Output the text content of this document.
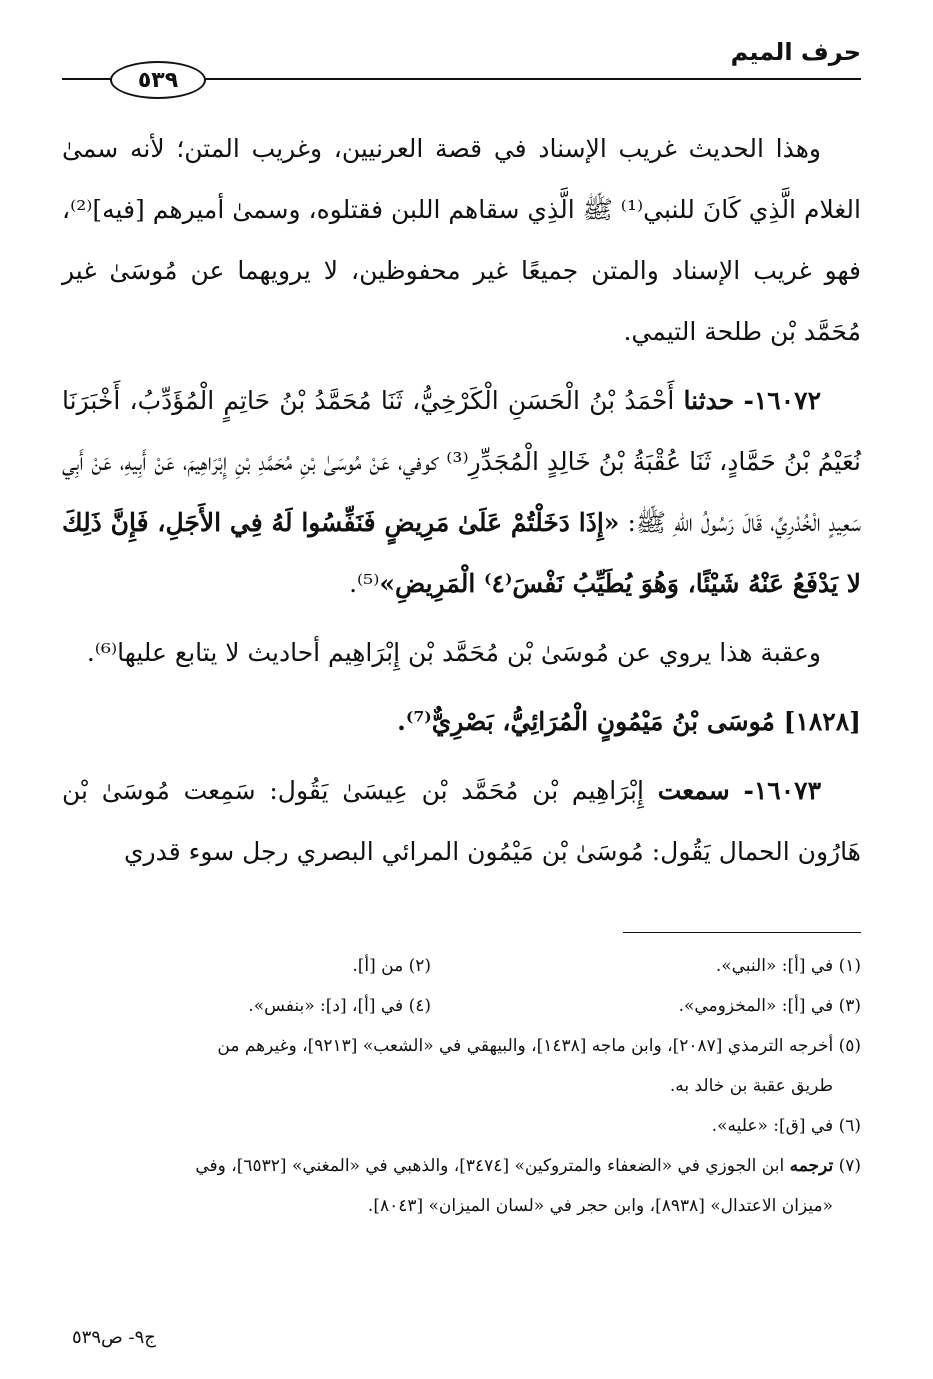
حرف الميم
٥٣٩

وهذا الحديث غريب الإسناد في قصة العرنيين، وغريب المتن؛ لأنه سمىٰ الغلام الَّذِي كَانَ للنبي⁽¹⁾ ﷺ الَّذِي سقاهم اللبن فقتلوه، وسمىٰ أميرهم [فيه]⁽²⁾، فهو غريب الإسناد والمتن جميعًا غير محفوظين، لا يرويهما عن مُوسَىٰ غير مُحَمَّد بْن طلحة التيمي.

١٦٠٧٢- حدثنا أَحْمَدُ بْنُ الْحَسَنِ الْكَرْخِيُّ، ثَنَا مُحَمَّدُ بْنُ حَاتِمٍ الْمُؤَدِّبُ، أَخْبَرَنَا نُعَيْمُ بْنُ حَمَّادٍ، ثَنَا عُقْبَةُ بْنُ خَالِدٍ الْمُجَدِّرِ⁽³⁾ كوفي، عَنْ مُوسَىٰ بْنِ مُحَمَّدِ بْنِ إِبْرَاهِيمَ، عَنْ أَبِيهِ، عَنْ أَبِي سَعِيدٍ الْخُدْرِيِّ، قَالَ رَسُولُ اللهِ ﷺ: «إِذَا دَخَلْتُمْ عَلَىٰ مَرِيضٍ فَنَفِّسُوا لَهُ فِي الأَجَلِ، فَإِنَّ ذَلِكَ لا يَدْفَعُ عَنْهُ شَيْئًا، وَهُوَ يُطَيِّبُ نَفْسَ⁽٤⁾ الْمَرِيضِ»⁽⁵⁾.

وعقبة هذا يروي عن مُوسَىٰ بْن مُحَمَّد بْن إِبْرَاهِيم أحاديث لا يتابع عليها⁽⁶⁾.

[١٨٢٨] مُوسَى بْنُ مَيْمُونٍ الْمُرَائِيُّ، بَصْرِيٌّ⁽⁷⁾.

١٦٠٧٣- سمعت إِبْرَاهِيم بْن مُحَمَّد بْن عِيسَىٰ يَقُول: سَمِعت مُوسَىٰ بْن هَارُون الحمال يَقُول: مُوسَىٰ بْن مَيْمُون المرائي البصري رجل سوء قدري

(١) في [أ]: «النبي».
(٢) من [أ].
(٣) في [أ]: «المخزومي».
(٤) في [أ]، [د]: «بنفس».
(٥) أخرجه الترمذي [٢٠٨٧]، وابن ماجه [١٤٣٨]، والبيهقي في «الشعب» [٩٢١٣]، وغيرهم من
طريق عقبة بن خالد به.
(٦) في [ق]: «عليه».
(٧) ترجمه ابن الجوزي في «الضعفاء والمتروكين» [٣٤٧٤]، والذهبي في «المغني» [٦٥٣٢]، وفي
«ميزان الاعتدال» [٨٩٣٨]، وابن حجر في «لسان الميزان» [٨٠٤٣].
ج٩- ص٥٣٩
